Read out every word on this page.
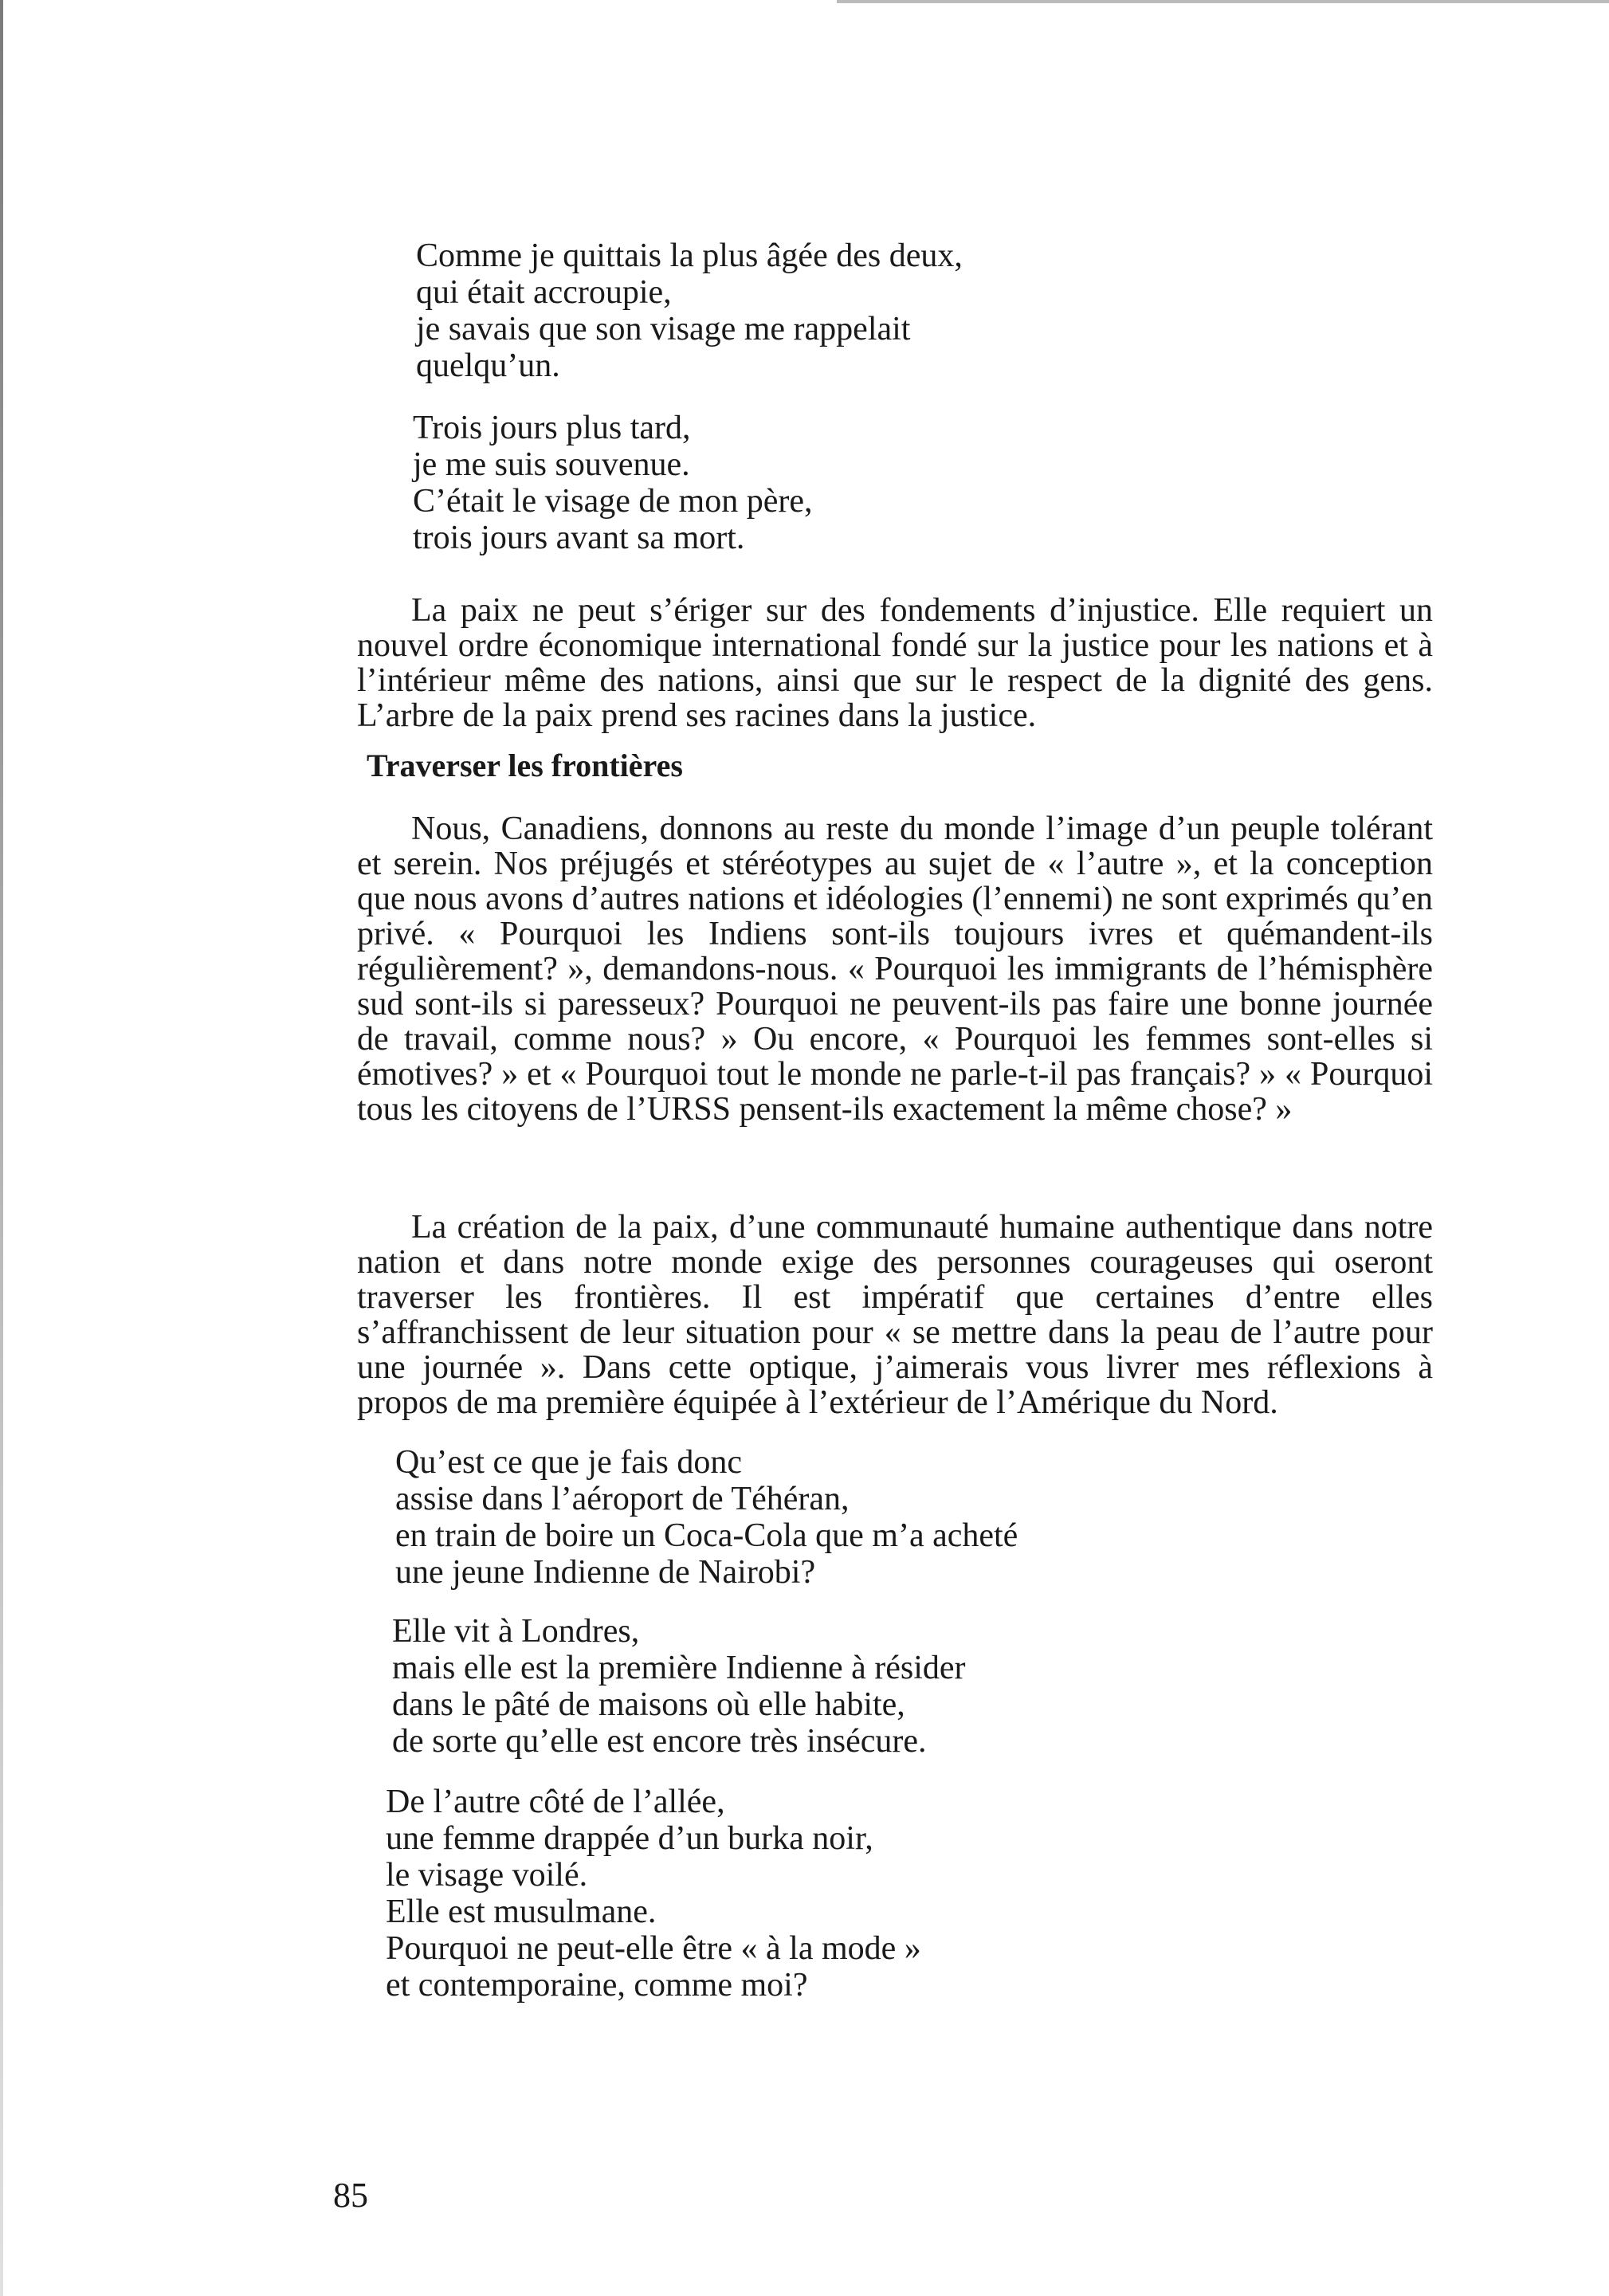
Comme je quittais la plus âgée des deux,
qui était accroupie,
je savais que son visage me rappelait
quelqu’un.
Trois jours plus tard,
je me suis souvenue.
C’était le visage de mon père,
trois jours avant sa mort.

La paix ne peut s’ériger sur des fondements d’injustice. Elle requiert un nouvel ordre économique international fondé sur la justice pour les nations et à l’intérieur même des nations, ainsi que sur le respect de la dignité des gens. L’arbre de la paix prend ses racines dans la justice.

Traverser les frontières

Nous, Canadiens, donnons au reste du monde l’image d’un peuple tolérant et serein. Nos préjugés et stéréotypes au sujet de « l’autre », et la conception que nous avons d’autres nations et idéologies (l’ennemi) ne sont exprimés qu’en privé. « Pourquoi les Indiens sont-ils toujours ivres et quémandent-ils régulièrement? », demandons-nous. « Pourquoi les immigrants de l’hémisphère sud sont-ils si paresseux? Pourquoi ne peuvent-ils pas faire une bonne journée de travail, comme nous? » Ou encore, « Pourquoi les femmes sont-elles si émotives? » et « Pourquoi tout le monde ne parle-t-il pas français? » « Pourquoi tous les citoyens de l’URSS pensent-ils exactement la même chose? »

La création de la paix, d’une communauté humaine authentique dans notre nation et dans notre monde exige des personnes courageuses qui oseront traverser les frontières. Il est impératif que certaines d’entre elles s’affranchissent de leur situation pour « se mettre dans la peau de l’autre pour une journée ». Dans cette optique, j’aimerais vous livrer mes réflexions à propos de ma première équipée à l’extérieur de l’Amérique du Nord.

Qu’est ce que je fais donc
assise dans l’aéroport de Téhéran,
en train de boire un Coca-Cola que m’a acheté
une jeune Indienne de Nairobi?
Elle vit à Londres,
mais elle est la première Indienne à résider
dans le pâté de maisons où elle habite,
de sorte qu’elle est encore très insécure.
De l’autre côté de l’allée,
une femme drappée d’un burka noir,
le visage voilé.
Elle est musulmane.
Pourquoi ne peut-elle être « à la mode »
et contemporaine, comme moi?
85
